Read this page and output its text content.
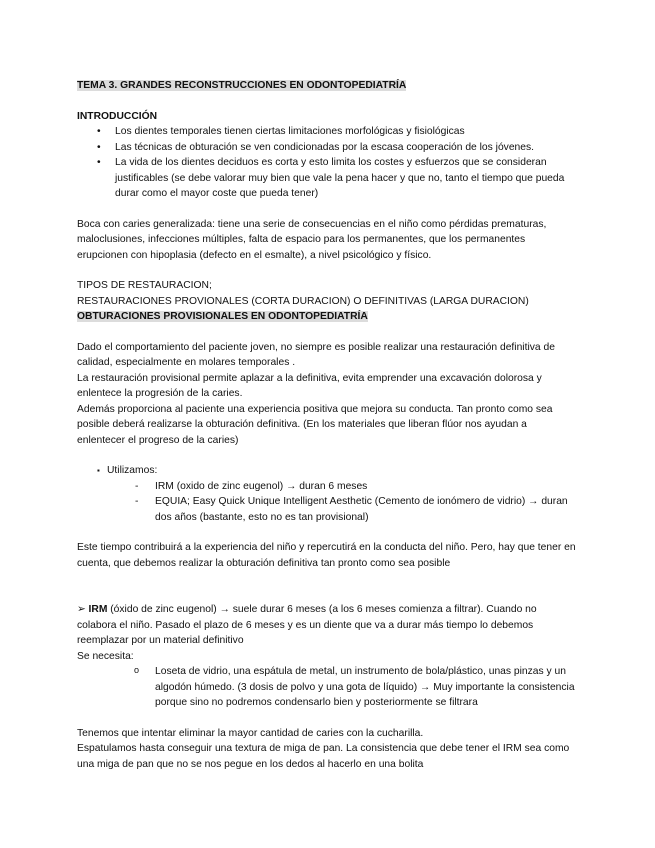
TEMA 3. GRANDES RECONSTRUCCIONES EN ODONTOPEDIATRÍA

INTRODUCCIÓN

• Los dientes temporales tienen ciertas limitaciones morfológicas y fisiológicas
• Las técnicas de obturación se ven condicionadas por la escasa cooperación de los jóvenes.
• La vida de los dientes deciduos es corta y esto limita los costes y esfuerzos que se consideran justificables (se debe valorar muy bien que vale la pena hacer y que no, tanto el tiempo que pueda durar como el mayor coste que pueda tener)

Boca con caries generalizada: tiene una serie de consecuencias en el niño como pérdidas prematuras, maloclusiones, infecciones múltiples, falta de espacio para los permanentes, que los permanentes erupcionen con hipoplasia (defecto en el esmalte), a nivel psicológico y físico.

TIPOS DE RESTAURACION;

RESTAURACIONES PROVIONALES (CORTA DURACION) O DEFINITIVAS (LARGA DURACION)

OBTURACIONES PROVISIONALES EN ODONTOPEDIATRÍA

Dado el comportamiento del paciente joven, no siempre es posible realizar una restauración definitiva de calidad, especialmente en molares temporales .

La restauración provisional permite aplazar a la definitiva, evita emprender una excavación dolorosa y enlentece la progresión de la caries.

Además proporciona al paciente una experiencia positiva que mejora su conducta. Tan pronto como sea posible deberá realizarse la obturación definitiva. (En los materiales que liberan flúor nos ayudan a enlentecer el progreso de la caries)

▪ Utilizamos:

- IRM (oxido de zinc eugenol) → duran 6 meses
- EQUIA; Easy Quick Unique Intelligent Aesthetic (Cemento de ionómero de vidrio) → duran dos años (bastante, esto no es tan provisional)

Este tiempo contribuirá a la experiencia del niño y repercutirá en la conducta del niño. Pero, hay que tener en cuenta, que debemos realizar la obturación definitiva tan pronto como sea posible

➢ IRM (óxido de zinc eugenol) → suele durar 6 meses (a los 6 meses comienza a filtrar). Cuando no colabora el niño. Pasado el plazo de 6 meses y es un diente que va a durar más tiempo lo debemos reemplazar por un material definitivo

Se necesita:

o Loseta de vidrio, una espátula de metal, un instrumento de bola/plástico, unas pinzas y un algodón húmedo. (3 dosis de polvo y una gota de líquido) → Muy importante la consistencia porque sino no podremos condensarlo bien y posteriormente se filtrara

Tenemos que intentar eliminar la mayor cantidad de caries con la cucharilla.

Espatulamos hasta conseguir una textura de miga de pan. La consistencia que debe tener el IRM sea como una miga de pan que no se nos pegue en los dedos al hacerlo en una bolita
